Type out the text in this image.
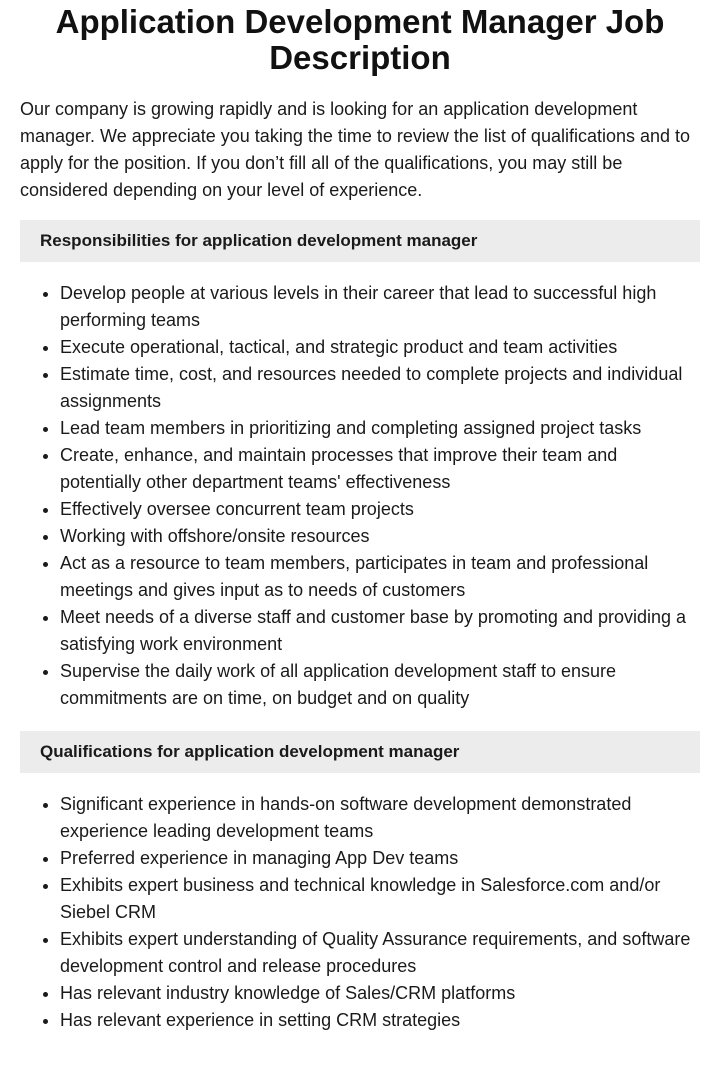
Application Development Manager Job Description

Our company is growing rapidly and is looking for an application development manager. We appreciate you taking the time to review the list of qualifications and to apply for the position. If you don’t fill all of the qualifications, you may still be considered depending on your level of experience.

Responsibilities for application development manager
• Develop people at various levels in their career that lead to successful high performing teams
• Execute operational, tactical, and strategic product and team activities
• Estimate time, cost, and resources needed to complete projects and individual assignments
• Lead team members in prioritizing and completing assigned project tasks
• Create, enhance, and maintain processes that improve their team and potentially other department teams' effectiveness
• Effectively oversee concurrent team projects
• Working with offshore/onsite resources
• Act as a resource to team members, participates in team and professional meetings and gives input as to needs of customers
• Meet needs of a diverse staff and customer base by promoting and providing a satisfying work environment
• Supervise the daily work of all application development staff to ensure commitments are on time, on budget and on quality
Qualifications for application development manager
• Significant experience in hands-on software development demonstrated experience leading development teams
• Preferred experience in managing App Dev teams
• Exhibits expert business and technical knowledge in Salesforce.com and/or Siebel CRM
• Exhibits expert understanding of Quality Assurance requirements, and software development control and release procedures
• Has relevant industry knowledge of Sales/CRM platforms
• Has relevant experience in setting CRM strategies
